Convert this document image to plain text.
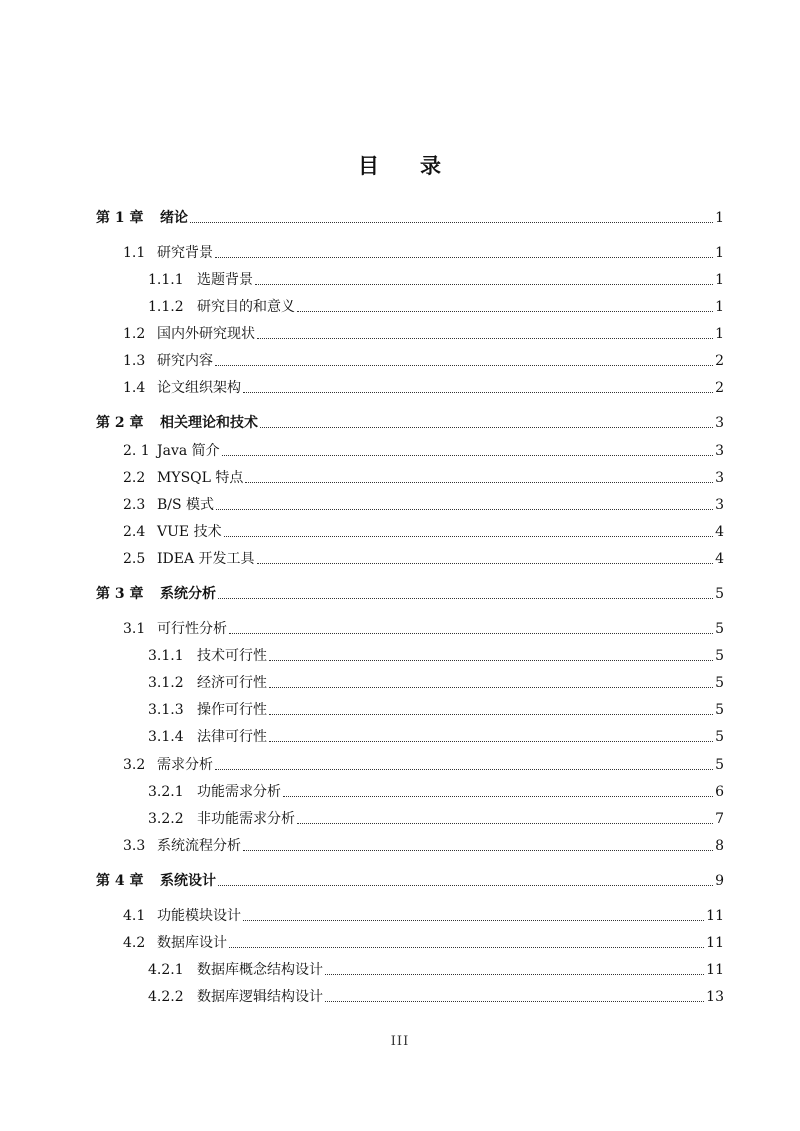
目 录
第 1 章	绪论	1
1.1 研究背景	1
1.1.1 选题背景	1
1.1.2 研究目的和意义	1
1.2 国内外研究现状	1
1.3 研究内容	2
1.4 论文组织架构	2
第 2 章	相关理论和技术	3
2. 1 Java 简介	3
2.2 MYSQL 特点	3
2.3 B/S 模式	3
2.4 VUE 技术	4
2.5 IDEA 开发工具	4
第 3 章	系统分析	5
3.1 可行性分析	5
3.1.1 技术可行性	5
3.1.2 经济可行性	5
3.1.3 操作可行性	5
3.1.4 法律可行性	5
3.2 需求分析	5
3.2.1 功能需求分析	6
3.2.2 非功能需求分析	7
3.3 系统流程分析	8
第 4 章	系统设计	9
4.1 功能模块设计	11
4.2 数据库设计	11
4.2.1 数据库概念结构设计	11
4.2.2 数据库逻辑结构设计	13
III
